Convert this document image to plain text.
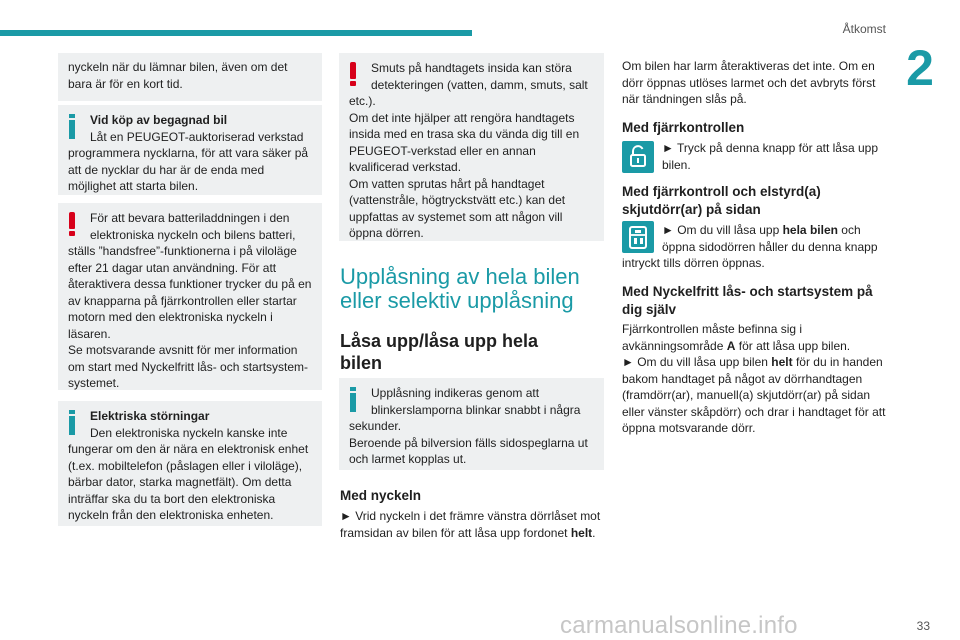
Åtkomst
2

nyckeln när du lämnar bilen, även om det bara är för en kort tid.

Vid köp av begagnad bil

Låt en PEUGEOT-auktoriserad verkstad

programmera nycklarna, för att vara säker på att de nycklar du har är de enda med möjlighet att starta bilen.

För att bevara batteriladdningen i den

elektroniska nyckeln och bilens batteri,

ställs ”handsfree”-funktionerna i på viloläge efter 21 dagar utan användning. För att återaktivera dessa funktioner trycker du på en av knapparna på fjärrkontrollen eller startar motorn med den elektroniska nyckeln i läsaren.

Se motsvarande avsnitt för mer information om start med Nyckelfritt lås- och startsystem-systemet.

Elektriska störningar

Den elektroniska nyckeln kanske inte

fungerar om den är nära en elektronisk enhet (t.ex. mobiltelefon (påslagen eller i viloläge), bärbar dator, starka magnetfält). Om detta inträffar ska du ta bort den elektroniska nyckeln från den elektroniska enheten.

Smuts på handtagets insida kan störa

detekteringen (vatten, damm, smuts, salt

etc.).

Om det inte hjälper att rengöra handtagets insida med en trasa ska du vända dig till en PEUGEOT-verkstad eller en annan kvalificerad verkstad.

Om vatten sprutas hårt på handtaget (vattenstråle, högtryckstvätt etc.) kan det uppfattas av systemet som att någon vill öppna dörren.

Upplåsning av hela bilen eller selektiv upplåsning
Låsa upp/låsa upp hela bilen

Upplåsning indikeras genom att

blinkerslamporna blinkar snabbt i några

sekunder.

Beroende på bilversion fälls sidospeglarna ut och larmet kopplas ut.

Med nyckeln
► Vrid nyckeln i det främre vänstra dörrlåset mot framsidan av bilen för att låsa upp fordonet helt.
Om bilen har larm återaktiveras det inte. Om en dörr öppnas utlöses larmet och det avbryts först när tändningen slås på.
Med fjärrkontrollen
► Tryck på denna knapp för att låsa upp bilen.
Med fjärrkontroll och elstyrd(a) skjutdörr(ar) på sidan

► Om du vill låsa upp hela bilen och

öppna sidodörren håller du denna knapp

intryckt tills dörren öppnas.

Med Nyckelfritt lås- och startsystem på dig själv

Fjärrkontrollen måste befinna sig i avkänningsområde A för att låsa upp bilen.

► Om du vill låsa upp bilen helt för du in handen bakom handtaget på något av dörrhandtagen (framdörr(ar), manuell(a) skjutdörr(ar) på sidan eller vänster skåpdörr) och drar i handtaget för att öppna motsvarande dörr.

carmanualsonline.info	33
